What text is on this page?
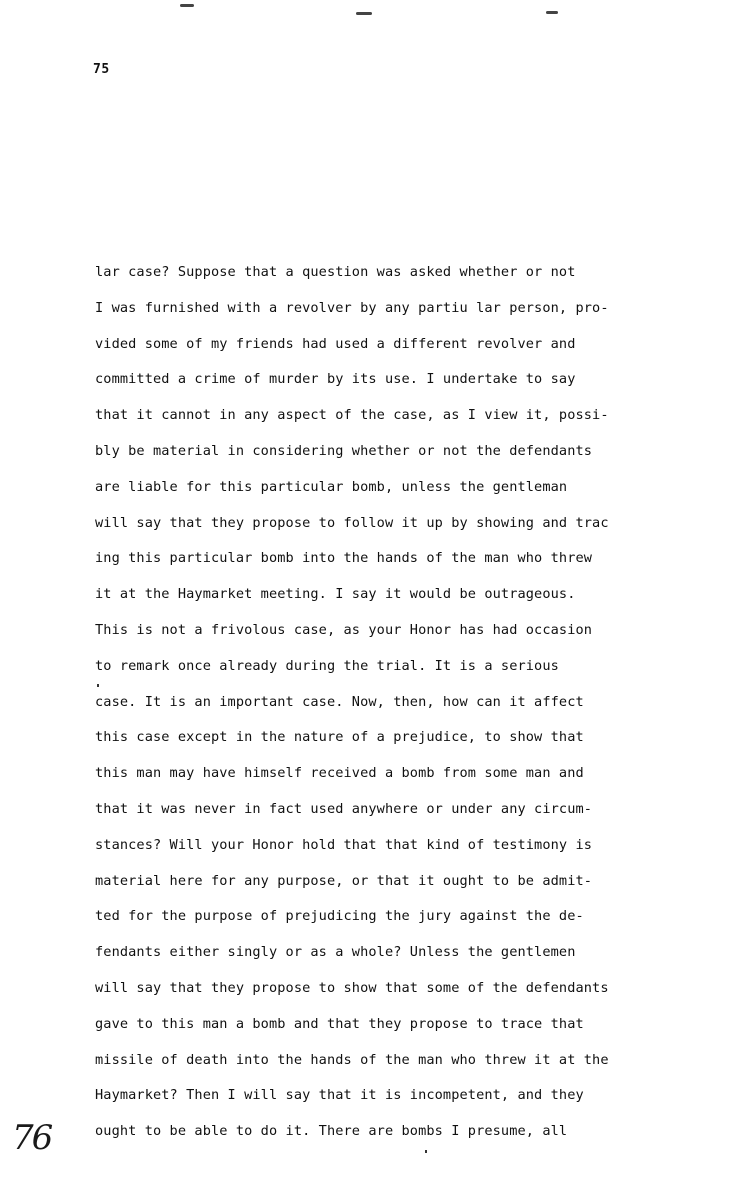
75
lar case? Suppose that a question was asked whether or not
I was furnished with a revolver by any partiu lar person, pro-
vided some of my friends had used a different revolver and
committed a crime of murder by its use. I undertake to say
that it cannot in any aspect of the case, as I view it, possi-
bly be material in considering whether or not the defendants
are liable for this particular bomb, unless the gentleman
will say that they propose to follow it up by showing and trac
ing this particular bomb into the hands of the man who threw
it at the Haymarket meeting. I say it would be outrageous.
This is not a frivolous case, as your Honor has had occasion
to remark once already during the trial. It is a serious
case. It is an important case. Now, then, how can it affect
this case except in the nature of a prejudice, to show that
this man may have himself received a bomb from some man and
that it was never in fact used anywhere or under any circum-
stances? Will your Honor hold that that kind of testimony is
material here for any purpose, or that it ought to be admit-
ted for the purpose of prejudicing the jury against the de-
fendants either singly or as a whole? Unless the gentlemen
will say that they propose to show that some of the defendants
gave to this man a bomb and that they propose to trace that
missile of death into the hands of the man who threw it at the
Haymarket? Then I will say that it is incompetent, and they
ought to be able to do it. There are bombs I presume, all
76
